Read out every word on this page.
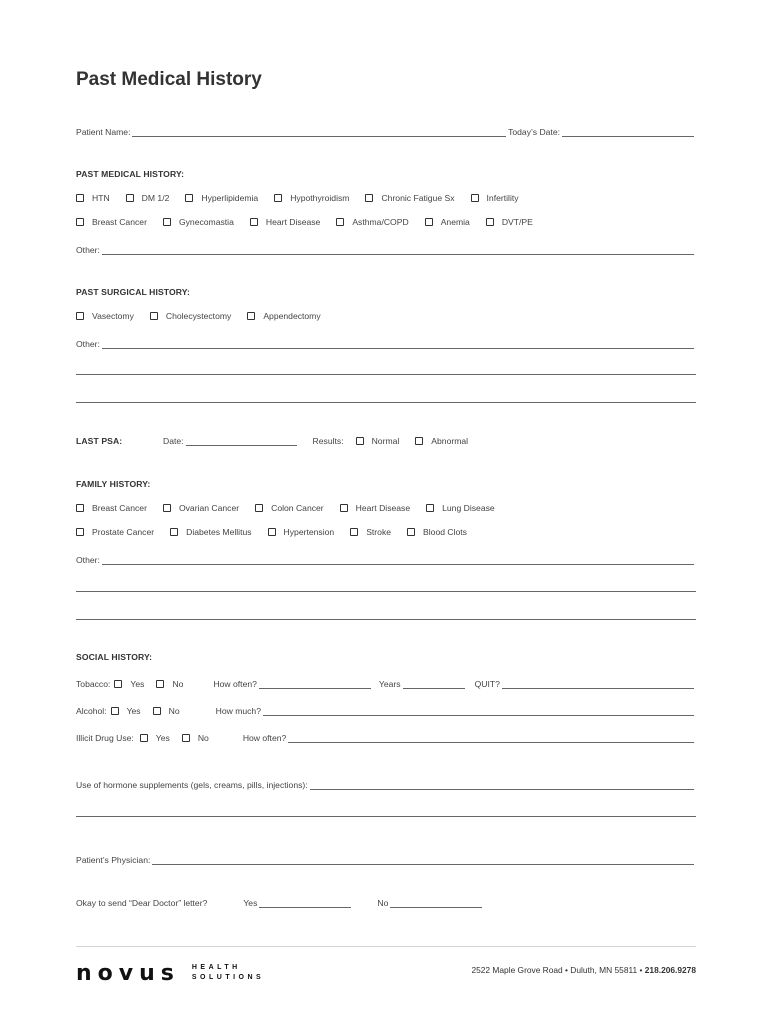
Past Medical History
Patient Name:	Today’s Date:
PAST MEDICAL HISTORY:
HTN	DM 1/2	Hyperlipidemia	Hypothyroidism	Chronic Fatigue Sx	Infertility
Breast Cancer	Gynecomastia	Heart Disease	Asthma/COPD	Anemia	DVT/PE
Other:
PAST SURGICAL HISTORY:
Vasectomy	Cholecystectomy	Appendectomy
Other:
LAST PSA:	Date:	Results:	Normal	Abnormal
FAMILY HISTORY:
Breast Cancer	Ovarian Cancer	Colon Cancer	Heart Disease	Lung Disease
Prostate Cancer	Diabetes Mellitus	Hypertension	Stroke	Blood Clots
Other:
SOCIAL HISTORY:
Tobacco: Yes	No	How often?	Years	QUIT?
Alcohol: Yes	No	How much?
Illicit Drug Use:	Yes	No	How often?
Use of hormone supplements (gels, creams, pills, injections):
Patient’s Physician:
Okay to send “Dear Doctor” letter?	Yes	No
novus HEALTH
SOLUTIONS
2522 Maple Grove Road • Duluth, MN 55811 • 218.206.9278
